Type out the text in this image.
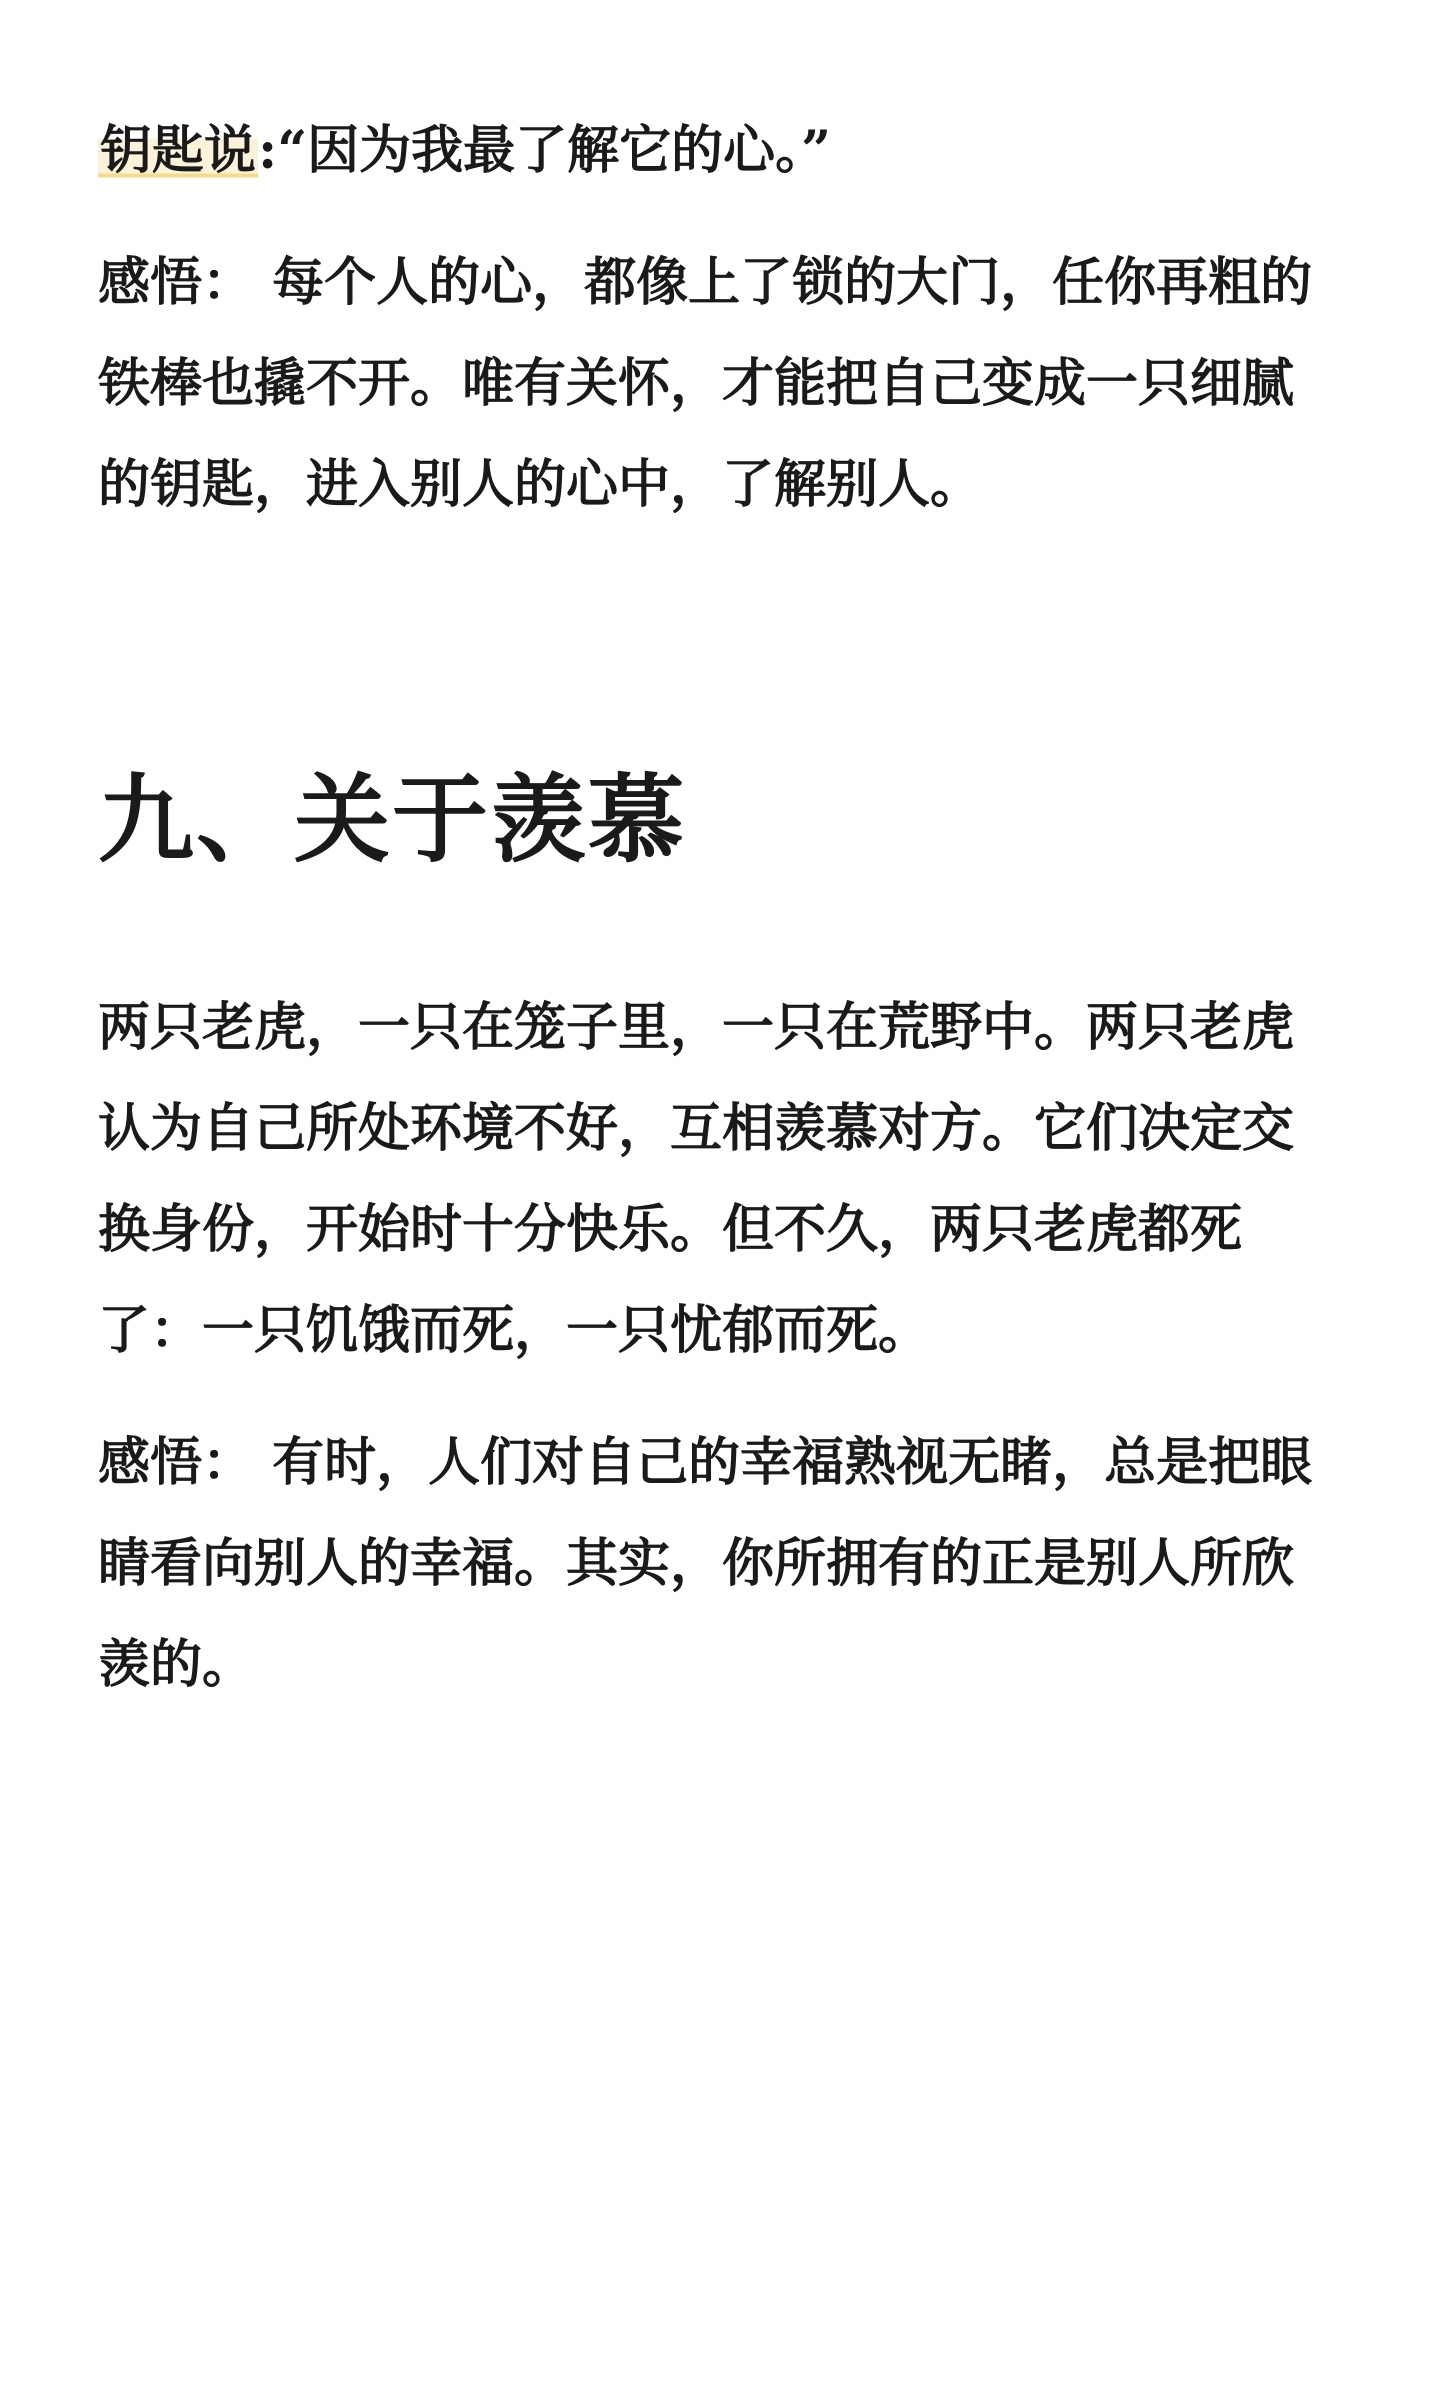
钥匙说:“因为我最了解它的心。”

感悟： 每个人的心，都像上了锁的大门，任你再粗的铁棒也撬不开。唯有关怀，才能把自己变成一只细腻的钥匙，进入别人的心中，了解别人。

九、关于羡慕

两只老虎，一只在笼子里，一只在荒野中。两只老虎认为自己所处环境不好，互相羡慕对方。它们决定交换身份，开始时十分快乐。但不久，两只老虎都死了：一只饥饿而死，一只忧郁而死。

感悟： 有时，人们对自己的幸福熟视无睹，总是把眼睛看向别人的幸福。其实，你所拥有的正是别人所欣羡的。
